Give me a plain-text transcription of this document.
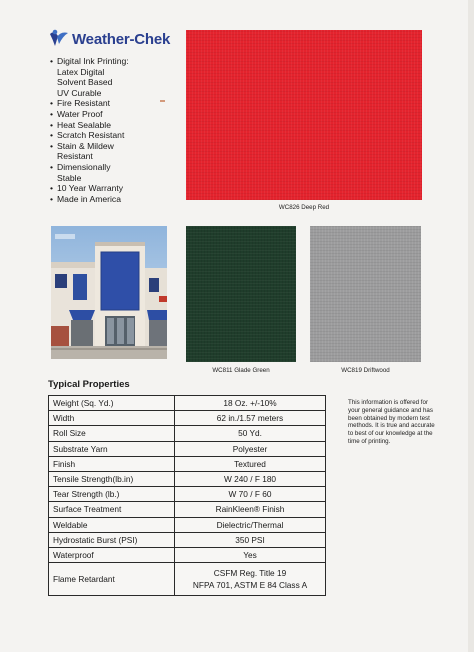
Weather-Chek
• Digital Ink Printing:
Latex Digital
Solvent Based
UV Curable
• Fire Resistant
• Water Proof
• Heat Sealable
• Scratch Resistant
• Stain & Mildew
Resistant
• Dimensionally
Stable
• 10 Year Warranty
• Made in America
WC826 Deep Red
WC811 Glade Green	WC819 Driftwood
Typical Properties
Weight (Sq. Yd.)	18 Oz. +/-10%
Width	62 in./1.57 meters
Roll Size	50 Yd.
Substrate Yarn	Polyester
Finish	Textured
Tensile Strength(lb.in)	W 240 / F 180
Tear Strength (lb.)	W 70 / F 60
Surface Treatment	RainKleen® Finish
Weldable	Dielectric/Thermal
Hydrostatic Burst (PSI)	350 PSI
Waterproof	Yes
Flame Retardant	CSFM Reg. Title 19
NFPA 701, ASTM E 84 Class A
This information is offered for your general guidance and has been obtained by modern test methods. It is true and accurate to best of our knowledge at the time of printing.
